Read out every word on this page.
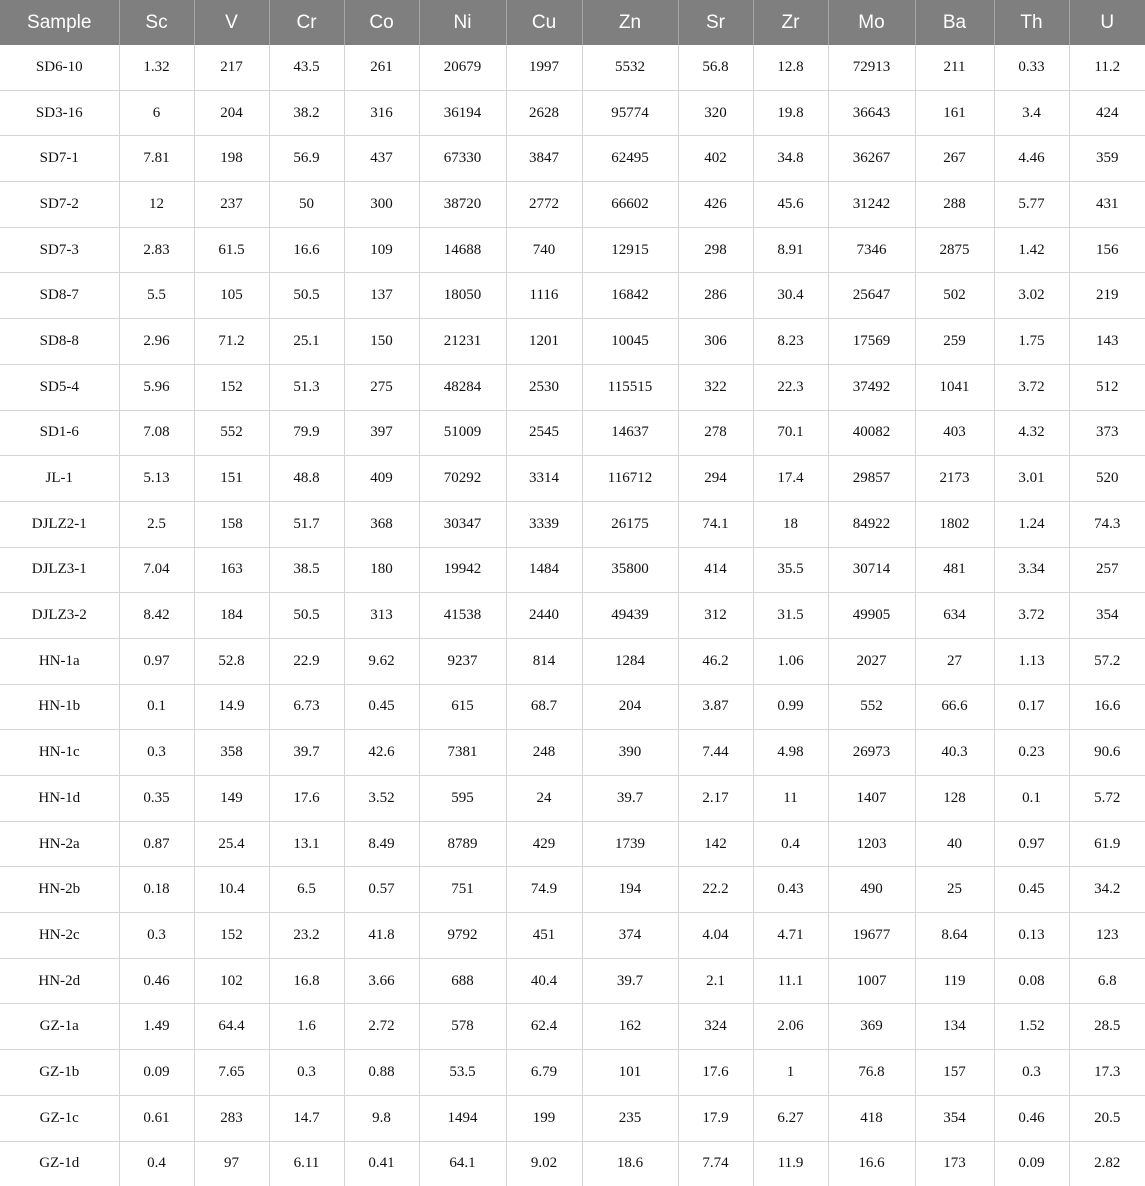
Sample	Sc	V	Cr	Co	Ni	Cu	Zn	Sr	Zr	Mo	Ba	Th	U
SD6-10	1.32	217	43.5	261	20679	1997	5532	56.8	12.8	72913	211	0.33	11.2
SD3-16	6	204	38.2	316	36194	2628	95774	320	19.8	36643	161	3.4	424
SD7-1	7.81	198	56.9	437	67330	3847	62495	402	34.8	36267	267	4.46	359
SD7-2	12	237	50	300	38720	2772	66602	426	45.6	31242	288	5.77	431
SD7-3	2.83	61.5	16.6	109	14688	740	12915	298	8.91	7346	2875	1.42	156
SD8-7	5.5	105	50.5	137	18050	1116	16842	286	30.4	25647	502	3.02	219
SD8-8	2.96	71.2	25.1	150	21231	1201	10045	306	8.23	17569	259	1.75	143
SD5-4	5.96	152	51.3	275	48284	2530	115515	322	22.3	37492	1041	3.72	512
SD1-6	7.08	552	79.9	397	51009	2545	14637	278	70.1	40082	403	4.32	373
JL-1	5.13	151	48.8	409	70292	3314	116712	294	17.4	29857	2173	3.01	520
DJLZ2-1	2.5	158	51.7	368	30347	3339	26175	74.1	18	84922	1802	1.24	74.3
DJLZ3-1	7.04	163	38.5	180	19942	1484	35800	414	35.5	30714	481	3.34	257
DJLZ3-2	8.42	184	50.5	313	41538	2440	49439	312	31.5	49905	634	3.72	354
HN-1a	0.97	52.8	22.9	9.62	9237	814	1284	46.2	1.06	2027	27	1.13	57.2
HN-1b	0.1	14.9	6.73	0.45	615	68.7	204	3.87	0.99	552	66.6	0.17	16.6
HN-1c	0.3	358	39.7	42.6	7381	248	390	7.44	4.98	26973	40.3	0.23	90.6
HN-1d	0.35	149	17.6	3.52	595	24	39.7	2.17	11	1407	128	0.1	5.72
HN-2a	0.87	25.4	13.1	8.49	8789	429	1739	142	0.4	1203	40	0.97	61.9
HN-2b	0.18	10.4	6.5	0.57	751	74.9	194	22.2	0.43	490	25	0.45	34.2
HN-2c	0.3	152	23.2	41.8	9792	451	374	4.04	4.71	19677	8.64	0.13	123
HN-2d	0.46	102	16.8	3.66	688	40.4	39.7	2.1	11.1	1007	119	0.08	6.8
GZ-1a	1.49	64.4	1.6	2.72	578	62.4	162	324	2.06	369	134	1.52	28.5
GZ-1b	0.09	7.65	0.3	0.88	53.5	6.79	101	17.6	1	76.8	157	0.3	17.3
GZ-1c	0.61	283	14.7	9.8	1494	199	235	17.9	6.27	418	354	0.46	20.5
GZ-1d	0.4	97	6.11	0.41	64.1	9.02	18.6	7.74	11.9	16.6	173	0.09	2.82
